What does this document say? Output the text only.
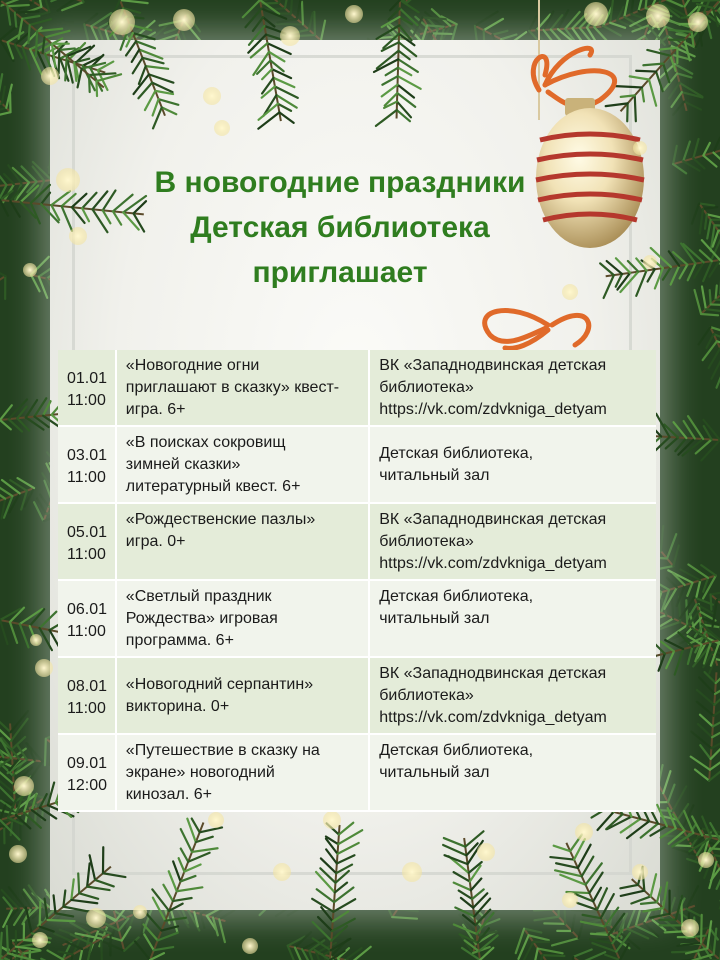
В новогодние праздники
Детская библиотека
приглашает
01.01
11:00	«Новогодние огни
приглашают в сказку» квест-
игра. 6+	ВК «Западнодвинская детская
библиотека»
https://vk.com/zdvkniga_detyam

03.01
11:00	«В поисках сокровищ
зимней сказки»
литературный квест. 6+	Детская библиотека,
читальный зал

05.01
11:00	«Рождественские пазлы»
игра. 0+	ВК «Западнодвинская детская
библиотека»
https://vk.com/zdvkniga_detyam

06.01
11:00	«Светлый праздник
Рождества» игровая
программа. 6+	Детская библиотека,
читальный зал

08.01
11:00	«Новогодний серпантин»
викторина. 0+	ВК «Западнодвинская детская
библиотека»
https://vk.com/zdvkniga_detyam

09.01
12:00	«Путешествие в сказку на
экране» новогодний
кинозал. 6+	Детская библиотека,
читальный зал
